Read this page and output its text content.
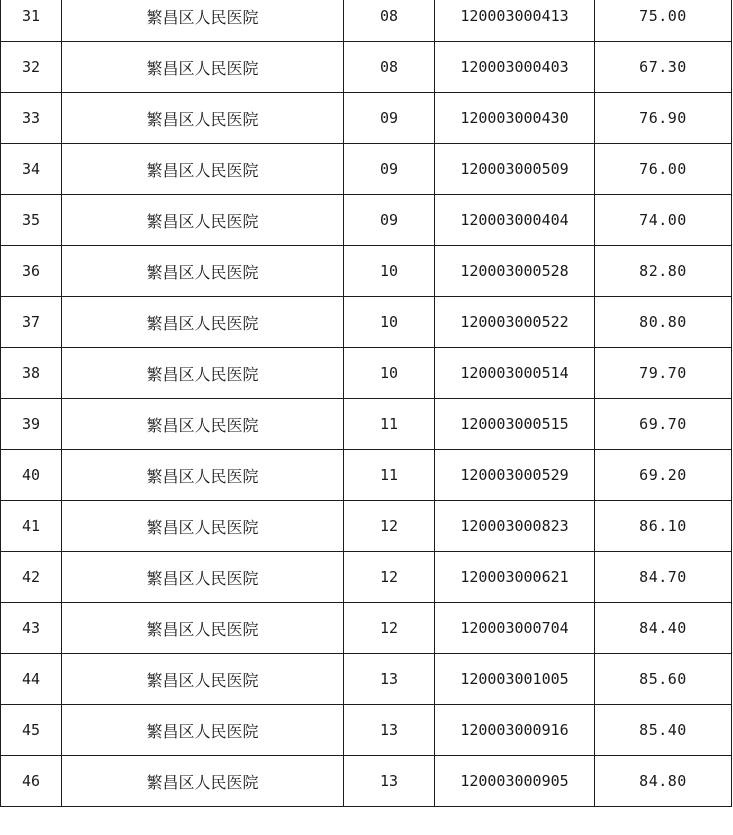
31	繁昌区人民医院	08	120003000413	75.00
32	繁昌区人民医院	08	120003000403	67.30
33	繁昌区人民医院	09	120003000430	76.90
34	繁昌区人民医院	09	120003000509	76.00
35	繁昌区人民医院	09	120003000404	74.00
36	繁昌区人民医院	10	120003000528	82.80
37	繁昌区人民医院	10	120003000522	80.80
38	繁昌区人民医院	10	120003000514	79.70
39	繁昌区人民医院	11	120003000515	69.70
40	繁昌区人民医院	11	120003000529	69.20
41	繁昌区人民医院	12	120003000823	86.10
42	繁昌区人民医院	12	120003000621	84.70
43	繁昌区人民医院	12	120003000704	84.40
44	繁昌区人民医院	13	120003001005	85.60
45	繁昌区人民医院	13	120003000916	85.40
46	繁昌区人民医院	13	120003000905	84.80
